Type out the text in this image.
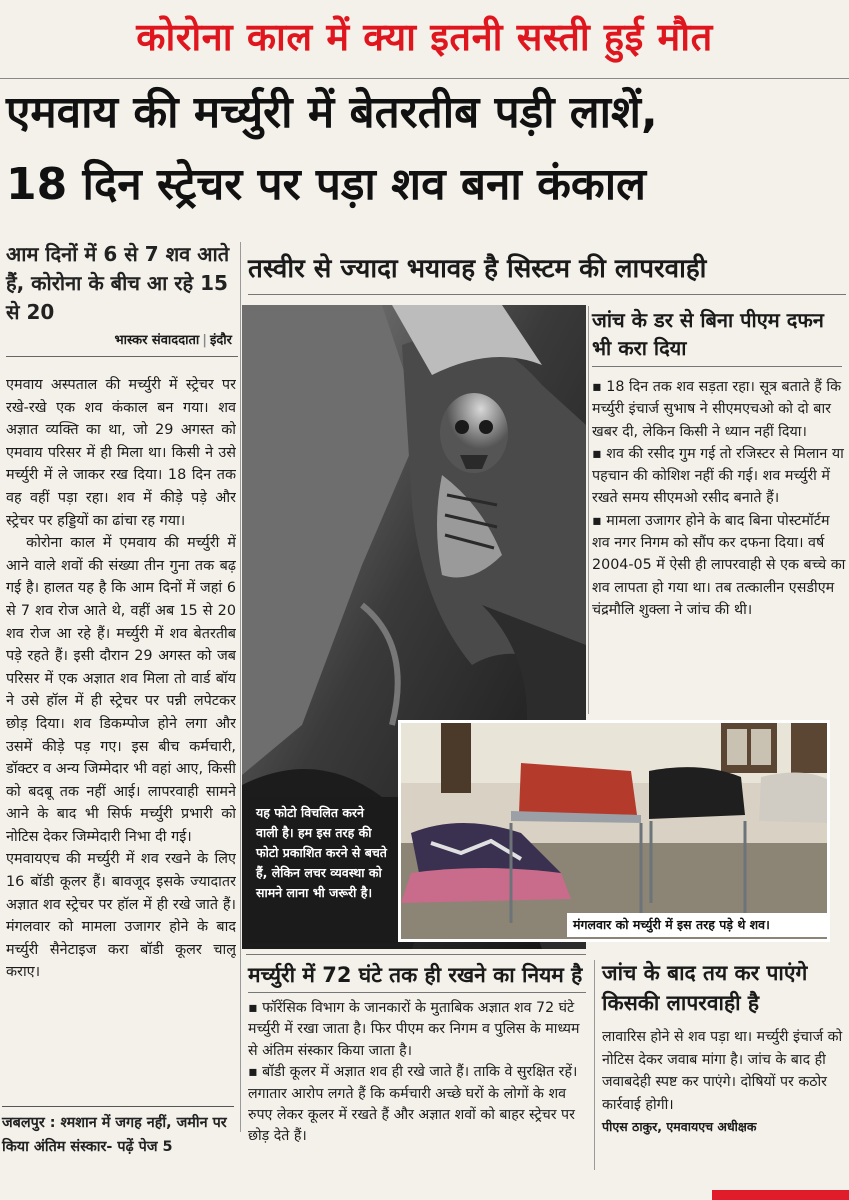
कोरोना काल में क्या इतनी सस्ती हुई मौत
एमवाय की मर्च्युरी में बेतरतीब पड़ी लाशें,
18 दिन स्ट्रेचर पर पड़ा शव बना कंकाल
आम दिनों में 6 से 7 शव आते हैं, कोरोना के बीच आ रहे 15 से 20
भास्कर संवाददाता | इंदौर

एमवाय अस्पताल की मर्च्युरी में स्ट्रेचर पर रखे-रखे एक शव कंकाल बन गया। शव अज्ञात व्यक्ति का था, जो 29 अगस्त को एमवाय परिसर में ही मिला था। किसी ने उसे मर्च्युरी में ले जाकर रख दिया। 18 दिन तक वह वहीं पड़ा रहा। शव में कीड़े पड़े और स्ट्रेचर पर हड्डियों का ढांचा रह गया।

कोरोना काल में एमवाय की मर्च्युरी में आने वाले शवों की संख्या तीन गुना तक बढ़ गई है। हालत यह है कि आम दिनों में जहां 6 से 7 शव रोज आते थे, वहीं अब 15 से 20 शव रोज आ रहे हैं। मर्च्युरी में शव बेतरतीब पड़े रहते हैं। इसी दौरान 29 अगस्त को जब परिसर में एक अज्ञात शव मिला तो वार्ड बॉय ने उसे हॉल में ही स्ट्रेचर पर पन्नी लपेटकर छोड़ दिया। शव डिकम्पोज होने लगा और उसमें कीड़े पड़ गए। इस बीच कर्मचारी, डॉक्टर व अन्य जिम्मेदार भी वहां आए, किसी को बदबू तक नहीं आई। लापरवाही सामने आने के बाद भी सिर्फ मर्च्युरी प्रभारी को नोटिस देकर जिम्मेदारी निभा दी गई।

एमवायएच की मर्च्युरी में शव रखने के लिए 16 बॉडी कूलर हैं। बावजूद इसके ज्यादातर अज्ञात शव स्ट्रेचर पर हॉल में ही रखे जाते हैं। मंगलवार को मामला उजागर होने के बाद मर्च्युरी सैनेटाइज करा बॉडी कूलर चालू कराए।

जबलपुर : श्मशान में जगह नहीं, जमीन पर किया अंतिम संस्कार- पढ़ें पेज 5
तस्वीर से ज्यादा भयावह है सिस्टम की लापरवाही
यह फोटो विचलित करने वाली है। हम इस तरह की फोटो प्रकाशित करने से बचते हैं, लेकिन लचर व्यवस्था को सामने लाना भी जरूरी है।
जांच के डर से बिना पीएम दफन भी करा दिया

▪ 18 दिन तक शव सड़ता रहा। सूत्र बताते हैं कि मर्च्युरी इंचार्ज सुभाष ने सीएमएचओ को दो बार खबर दी, लेकिन किसी ने ध्यान नहीं दिया।

▪ शव की रसीद गुम गई तो रजिस्टर से मिलान या पहचान की कोशिश नहीं की गई। शव मर्च्युरी में रखते समय सीएमओ रसीद बनाते हैं।

▪ मामला उजागर होने के बाद बिना पोस्टमॉर्टम शव नगर निगम को सौंप कर दफना दिया। वर्ष 2004-05 में ऐसी ही लापरवाही से एक बच्चे का शव लापता हो गया था। तब तत्कालीन एसडीएम चंद्रमौलि शुक्ला ने जांच की थी।

मंगलवार को मर्च्युरी में इस तरह पड़े थे शव।
मर्च्युरी में 72 घंटे तक ही रखने का नियम है

▪ फॉरेंसिक विभाग के जानकारों के मुताबिक अज्ञात शव 72 घंटे मर्च्युरी में रखा जाता है। फिर पीएम कर निगम व पुलिस के माध्यम से अंतिम संस्कार किया जाता है।

▪ बॉडी कूलर में अज्ञात शव ही रखे जाते हैं। ताकि वे सुरक्षित रहें। लगातार आरोप लगते हैं कि कर्मचारी अच्छे घरों के लोगों के शव रुपए लेकर कूलर में रखते हैं और अज्ञात शवों को बाहर स्ट्रेचर पर छोड़ देते हैं।

जांच के बाद तय कर पाएंगे किसकी लापरवाही है

लावारिस होने से शव पड़ा था। मर्च्युरी इंचार्ज को नोटिस देकर जवाब मांगा है। जांच के बाद ही जवाबदेही स्पष्ट कर पाएंगे। दोषियों पर कठोर कार्रवाई होगी।

पीएस ठाकुर, एमवायएच अधीक्षक
